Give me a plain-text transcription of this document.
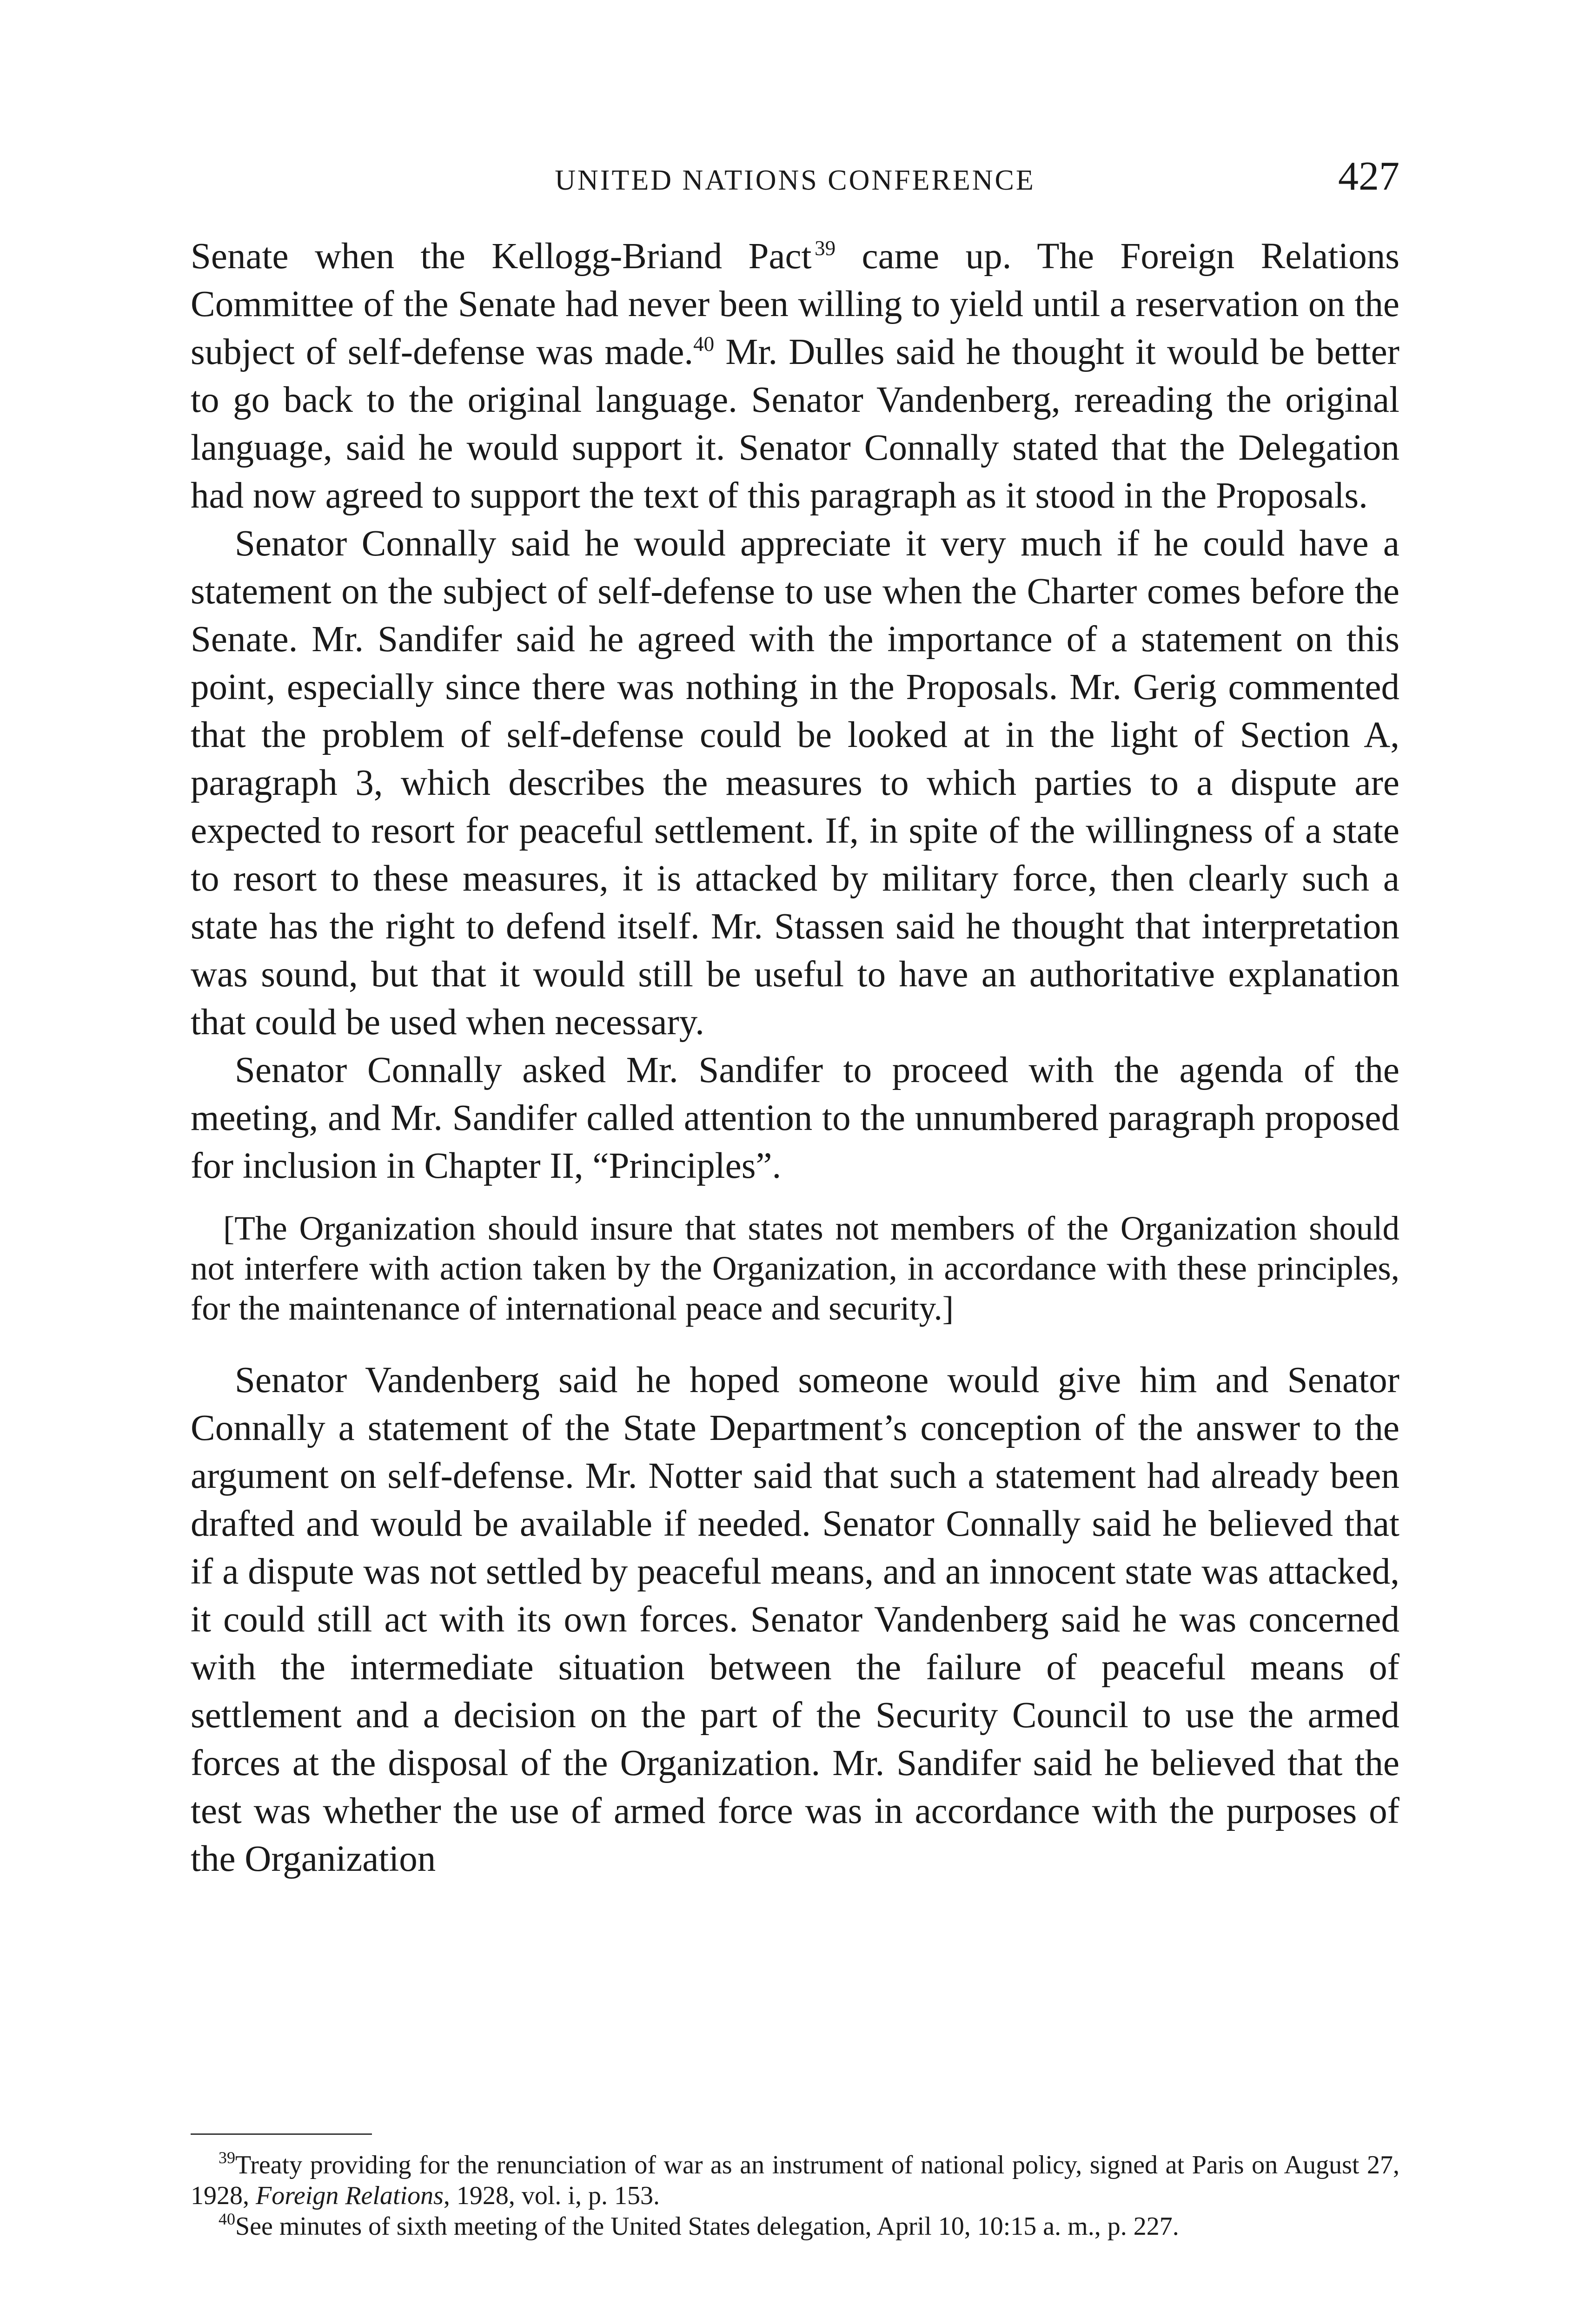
UNITED NATIONS CONFERENCE	427

Senate when the Kellogg-Briand Pact  $^{39}$ came up. The Foreign Relations Committee of the Senate had never been willing to yield until a reservation on the subject of self-defense was made.$^{40}$ Mr. Dulles said he thought it would be better to go back to the original language. Senator Vandenberg, rereading the original language, said he would support it. Senator Connally stated that the Delegation had now agreed to support the text of this paragraph as it stood in the Proposals.

Senator Connally said he would appreciate it very much if he could have a statement on the subject of self-defense to use when the Charter comes before the Senate. Mr. Sandifer said he agreed with the importance of a statement on this point, especially since there was nothing in the Proposals. Mr. Gerig commented that the problem of self-defense could be looked at in the light of Section A, paragraph 3, which describes the measures to which parties to a dispute are expected to resort for peaceful settlement. If, in spite of the willingness of a state to resort to these measures, it is attacked by military force, then clearly such a state has the right to defend itself. Mr. Stassen said he thought that interpretation was sound, but that it would still be useful to have an authoritative explanation that could be used when necessary.

Senator Connally asked Mr. Sandifer to proceed with the agenda of the meeting, and Mr. Sandifer called attention to the unnumbered paragraph proposed for inclusion in Chapter II, “Principles”.

[The Organization should insure that states not members of the Organization should not interfere with action taken by the Organization, in accordance with these principles, for the maintenance of international peace and security.]

Senator Vandenberg said he hoped someone would give him and Senator Connally a statement of the State Department’s conception of the answer to the argument on self-defense. Mr. Notter said that such a statement had already been drafted and would be available if needed. Senator Connally said he believed that if a dispute was not settled by peaceful means, and an innocent state was attacked, it could still act with its own forces. Senator Vandenberg said he was concerned with the intermediate situation between the failure of peaceful means of settlement and a decision on the part of the Security Council to use the armed forces at the disposal of the Organization. Mr. Sandifer said he believed that the test was whether the use of armed force was in accordance with the purposes of the Organization

$^{39}$Treaty providing for the renunciation of war as an instrument of national policy, signed at Paris on August 27, 1928, Foreign Relations, 1928, vol. i, p. 153.

$^{40}$See minutes of sixth meeting of the United States delegation, April 10, 10:15 a. m., p. 227.
